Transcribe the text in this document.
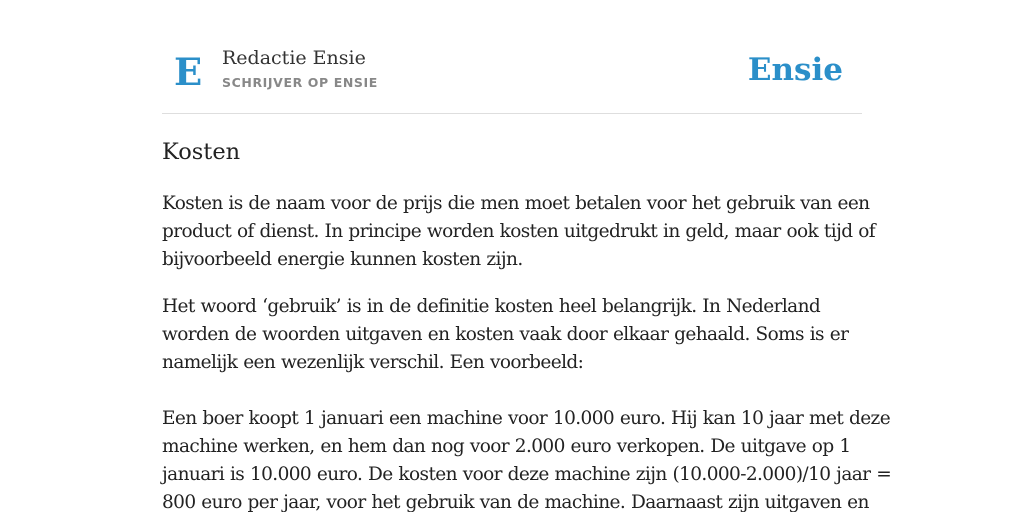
E Redactie Ensie
SCHRIJVER OP ENSIE	Ensie
Kosten

Kosten is de naam voor de prijs die men moet betalen voor het gebruik van een
product of dienst. In principe worden kosten uitgedrukt in geld, maar ook tijd of
bijvoorbeeld energie kunnen kosten zijn.

Het woord ‘gebruik’ is in de definitie kosten heel belangrijk. In Nederland
worden de woorden uitgaven en kosten vaak door elkaar gehaald. Soms is er
namelijk een wezenlijk verschil. Een voorbeeld:
Een boer koopt 1 januari een machine voor 10.000 euro. Hij kan 10 jaar met deze
machine werken, en hem dan nog voor 2.000 euro verkopen. De uitgave op 1
januari is 10.000 euro. De kosten voor deze machine zijn (10.000-2.000)/10 jaar =
800 euro per jaar, voor het gebruik van de machine. Daarnaast zijn uitgaven en
